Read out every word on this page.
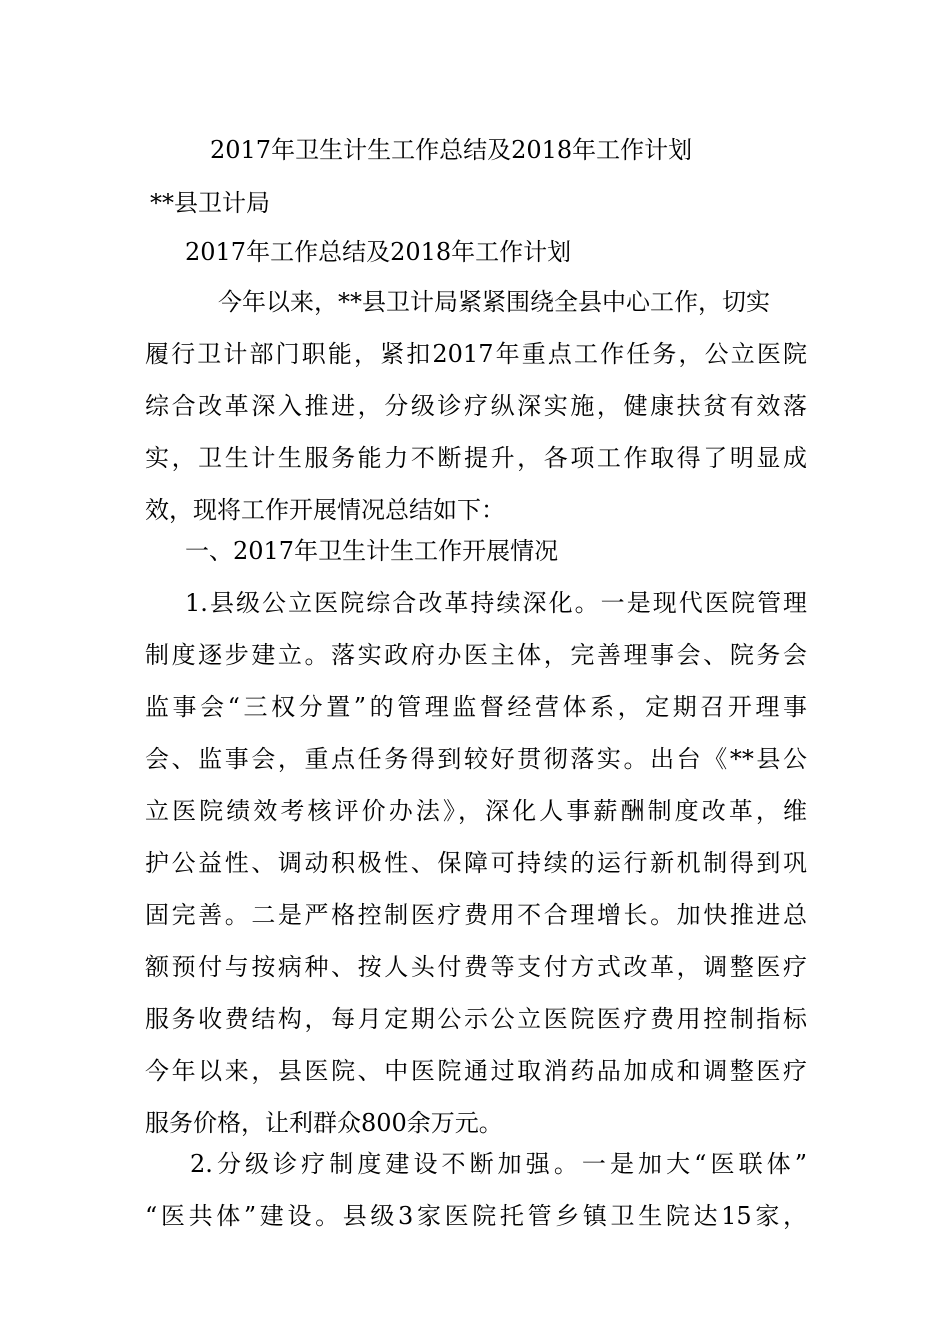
2017年卫生计生工作总结及2018年工作计划

**县卫计局

2017年工作总结及2018年工作计划

今年以来，**县卫计局紧紧围绕全县中心工作，切实

履行卫计部门职能，紧扣2017年重点工作任务，公立医院

综合改革深入推进，分级诊疗纵深实施，健康扶贫有效落

实，卫生计生服务能力不断提升，各项工作取得了明显成

效，现将工作开展情况总结如下：

一、2017年卫生计生工作开展情况

1.县级公立医院综合改革持续深化。一是现代医院管理

制度逐步建立。落实政府办医主体，完善理事会、院务会

监事会“三权分置”的管理监督经营体系，定期召开理事

会、监事会，重点任务得到较好贯彻落实。出台《**县公

立医院绩效考核评价办法》，深化人事薪酬制度改革，维

护公益性、调动积极性、保障可持续的运行新机制得到巩

固完善。二是严格控制医疗费用不合理增长。加快推进总

额预付与按病种、按人头付费等支付方式改革，调整医疗

服务收费结构，每月定期公示公立医院医疗费用控制指标

今年以来，县医院、中医院通过取消药品加成和调整医疗

服务价格，让利群众800余万元。

2.分级诊疗制度建设不断加强。一是加大“医联体”

“医共体”建设。县级3家医院托管乡镇卫生院达15家，
